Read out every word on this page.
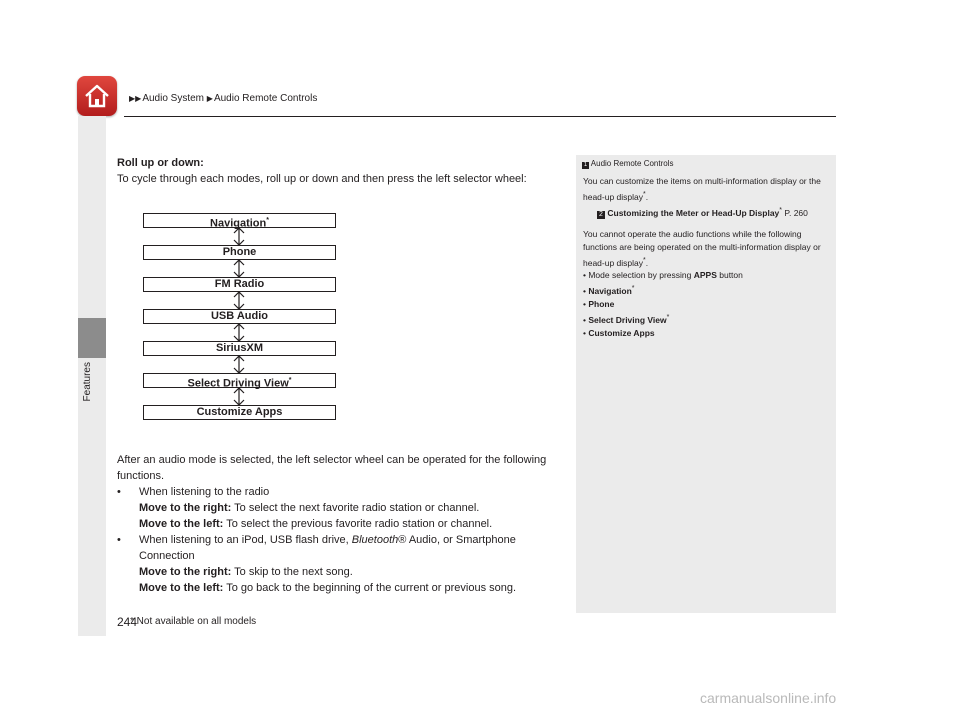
▶▶Audio System ▶Audio Remote Controls
Features
Roll up or down:
To cycle through each modes, roll up or down and then press the left selector wheel:
Navigation*
Phone
FM Radio
USB Audio
SiriusXM
Select Driving View*
Customize Apps

After an audio mode is selected, the left selector wheel can be operated for the following functions.

• When listening to the radio

Move to the right: To select the next favorite radio station or channel.

Move to the left: To select the previous favorite radio station or channel.

• When listening to an iPod, USB flash drive, Bluetooth® Audio, or Smartphone Connection

Move to the right: To skip to the next song.

Move to the left: To go back to the beginning of the current or previous song.

1 Audio Remote Controls
You can customize the items on multi-information display or the head-up display*.
2 Customizing the Meter or Head-Up Display* P. 260
You cannot operate the audio functions while the following functions are being operated on the multi-information display or head-up display*.
• Mode selection by pressing APPS button
• Navigation*
• Phone
• Select Driving View*
• Customize Apps
244
* Not available on all models
carmanualsonline.info
